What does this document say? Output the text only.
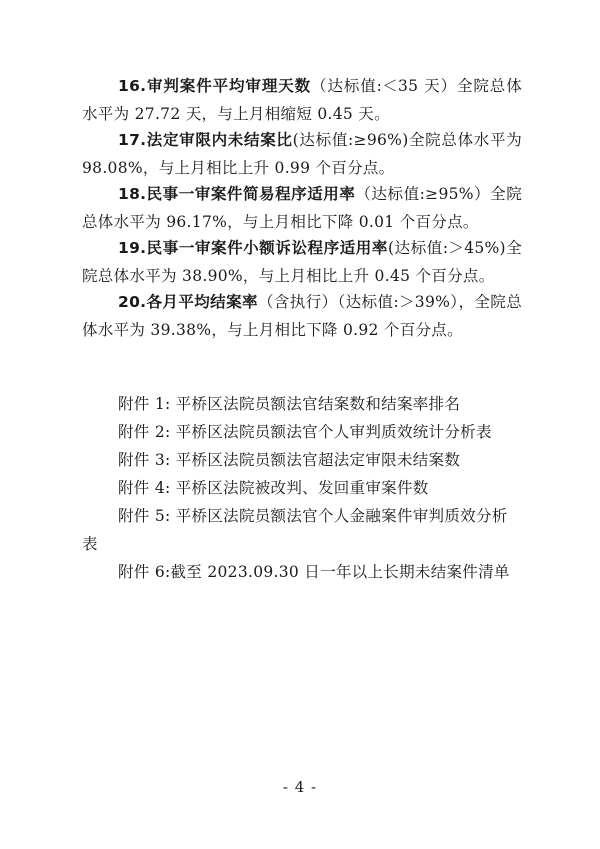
16.审判案件平均审理天数（达标值:＜35 天）全院总体水平为 27.72 天，与上月相缩短 0.45 天。

17.法定审限内未结案比(达标值:≥96%)全院总体水平为 98.08%，与上月相比上升 0.99 个百分点。

18.民事一审案件简易程序适用率（达标值:≥95%）全院总体水平为 96.17%，与上月相比下降 0.01 个百分点。

19.民事一审案件小额诉讼程序适用率(达标值:＞45%)全院总体水平为 38.90%，与上月相比上升 0.45 个百分点。

20.各月平均结案率（含执行）（达标值:＞39%），全院总体水平为 39.38%，与上月相比下降 0.92 个百分点。

附件 1: 平桥区法院员额法官结案数和结案率排名

附件 2: 平桥区法院员额法官个人审判质效统计分析表

附件 3: 平桥区法院员额法官超法定审限未结案数

附件 4: 平桥区法院被改判、发回重审案件数

附件 5: 平桥区法院员额法官个人金融案件审判质效分析表

附件 6:截至 2023.09.30 日一年以上长期未结案件清单

- 4 -
